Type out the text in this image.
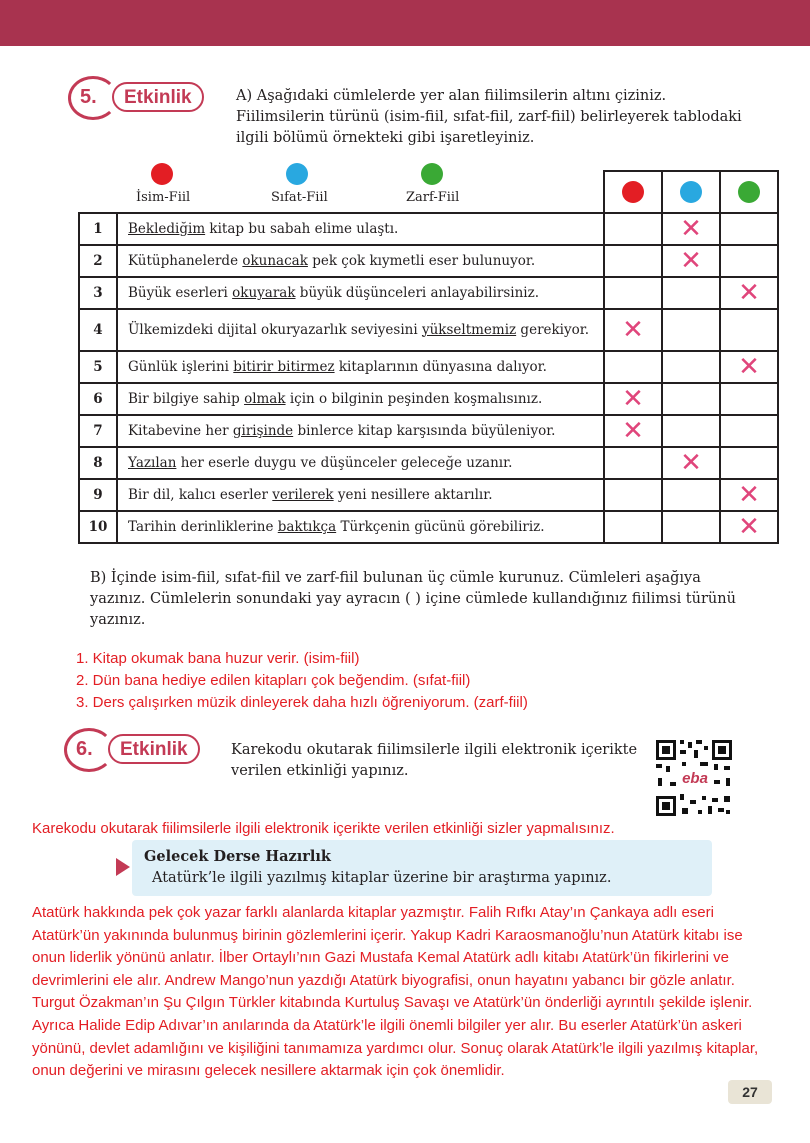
5.	Etkinlik	A) Aşağıdaki cümlelerde yer alan fiilimsilerin altını çiziniz. Fiilimsilerin türünü (isim-fiil, sıfat-fiil, zarf-fiil) belirleyerek tablodaki ilgili bölümü örnekteki gibi işaretleyiniz.
İsim-Fiil	Sıfat-Fiil	Zarf-Fiil

1	Beklediğim kitap bu sabah elime ulaştı.		✕	
2	Kütüphanelerde okunacak pek çok kıymetli eser bulunuyor.		✕	
3	Büyük eserleri okuyarak büyük düşünceleri anlayabilirsiniz.			✕
4	Ülkemizdeki dijital okuryazarlık seviyesini yükseltmemiz gerekiyor.	✕		
5	Günlük işlerini bitirir bitirmez kitaplarının dünyasına dalıyor.			✕
6	Bir bilgiye sahip olmak için o bilginin peşinden koşmalısınız.	✕		
7	Kitabevine her girişinde binlerce kitap karşısında büyüleniyor.	✕		
8	Yazılan her eserle duygu ve düşünceler geleceğe uzanır.		✕	
9	Bir dil, kalıcı eserler verilerek yeni nesillere aktarılır.			✕
10	Tarihin derinliklerine baktıkça Türkçenin gücünü görebiliriz.			✕
B) İçinde isim-fiil, sıfat-fiil ve zarf-fiil bulunan üç cümle kurunuz. Cümleleri aşağıya yazınız. Cümlelerin sonundaki yay ayracın ( ) içine cümlede kullandığınız fiilimsi türünü yazınız.
1. Kitap okumak bana huzur verir. (isim-fiil)
2. Dün bana hediye edilen kitapları çok beğendim. (sıfat-fiil)
3. Ders çalışırken müzik dinleyerek daha hızlı öğreniyorum. (zarf-fiil)
6.	Etkinlik	Karekodu okutarak fiilimsilerle ilgili elektronik içerikte verilen etkinliği yapınız.	eba
Karekodu okutarak fiilimsilerle ilgili elektronik içerikte verilen etkinliği sizler yapmalısınız.
Gelecek Derse Hazırlık
Atatürk’le ilgili yazılmış kitaplar üzerine bir araştırma yapınız.
Atatürk hakkında pek çok yazar farklı alanlarda kitaplar yazmıştır. Falih Rıfkı Atay’ın Çankaya adlı eseri Atatürk’ün yakınında bulunmuş birinin gözlemlerini içerir. Yakup Kadri Karaosmanoğlu’nun Atatürk kitabı ise onun liderlik yönünü anlatır. İlber Ortaylı’nın Gazi Mustafa Kemal Atatürk adlı kitabı Atatürk’ün fikirlerini ve devrimlerini ele alır. Andrew Mango’nun yazdığı Atatürk biyografisi, onun hayatını yabancı bir gözle anlatır. Turgut Özakman’ın Şu Çılgın Türkler kitabında Kurtuluş Savaşı ve Atatürk’ün önderliği ayrıntılı şekilde işlenir. Ayrıca Halide Edip Adıvar’ın anılarında da Atatürk’le ilgili önemli bilgiler yer alır. Bu eserler Atatürk’ün askeri yönünü, devlet adamlığını ve kişiliğini tanımamıza yardımcı olur. Sonuç olarak Atatürk’le ilgili yazılmış kitaplar, onun değerini ve mirasını gelecek nesillere aktarmak için çok önemlidir.
27
